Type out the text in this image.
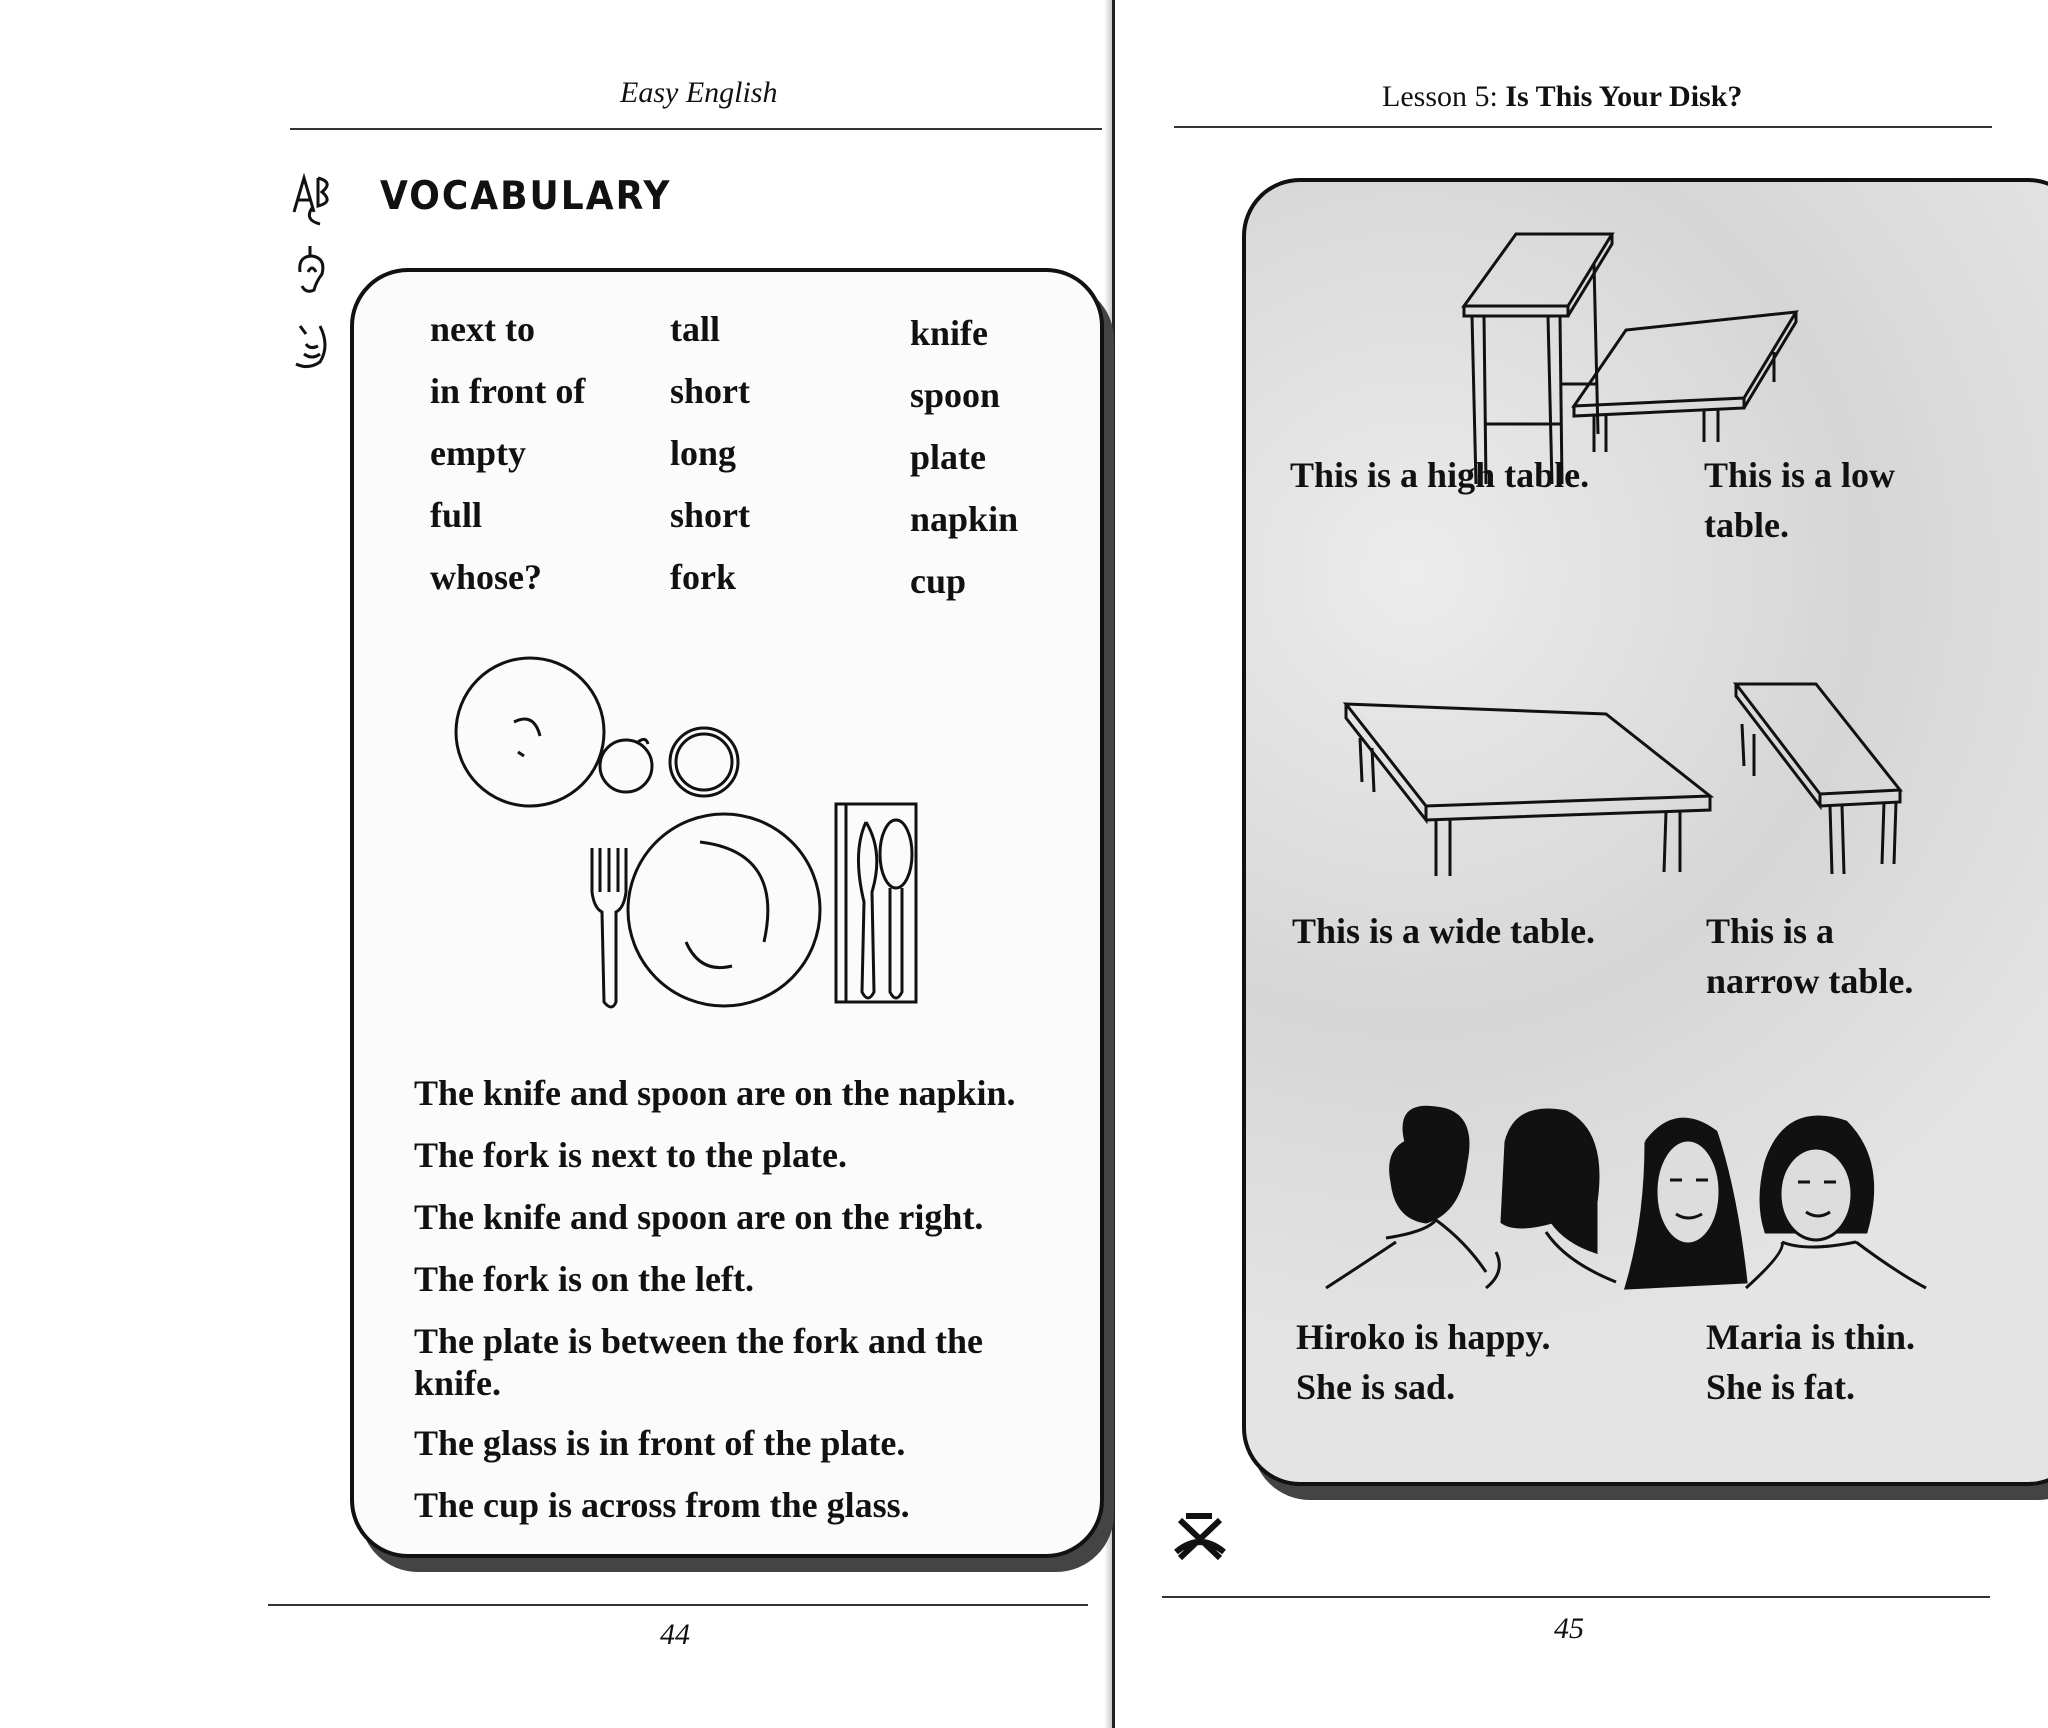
Easy English
VOCABULARY
next to
in front of
empty
full
whose?
tall
short
long
short
fork
knife
spoon
plate
napkin
cup
The knife and spoon are on the napkin.
The fork is next to the plate.
The knife and spoon are on the right.
The fork is on the left.
The plate is between the fork and the knife.
The glass is in front of the plate.
The cup is across from the glass.
44
Lesson 5: Is This Your Disk?
This is a high table.	This is a low table.
This is a wide table.	This is a narrow table.
Hiroko is happy.
She is sad.
Maria is thin.
She is fat.
45
